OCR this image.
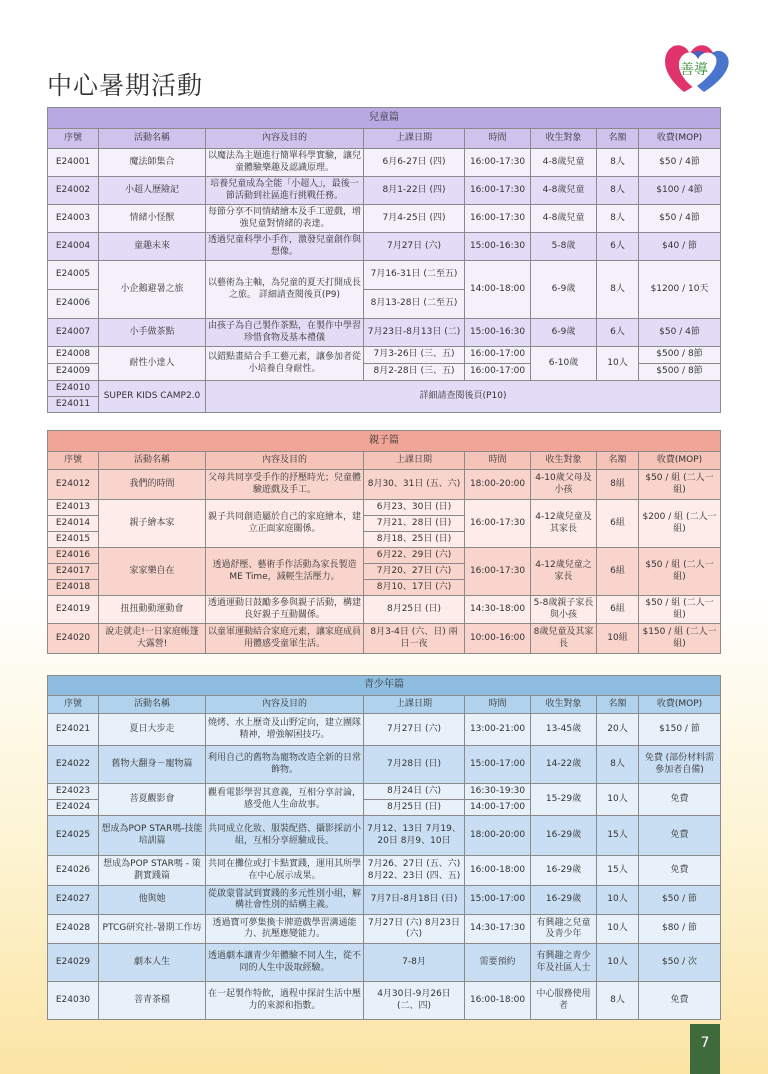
中心暑期活動
善導
兒童篇							
序號	活動名稱	內容及目的	上課日期	時間	收生對象	名額	收費(MOP)
E24001	魔法師集合	以魔法為主題進行簡單科學實驗，讓兒童體驗樂趣及認識原理。	6月6-27日 (四)	16:00-17:30	4-8歲兒童	8人	$50 / 4節
E24002	小超人歷險記	培養兒童成為全能「小超人」，最後一節活動到社區進行挑戰任務。	8月1-22日 (四)	16:00-17:30	4-8歲兒童	8人	$100 / 4節
E24003	情緒小怪獸	每節分享不同情緒繪本及手工遊戲，增強兒童對情緒的表達。	7月4-25日 (四)	16:00-17:30	4-8歲兒童	8人	$50 / 4節
E24004	童趣未來	透過兒童科學小手作，激發兒童創作與想像。	7月27日 (六)	15:00-16:30	5-8歲	6人	$40 / 節
E24005	小企鵝避暑之旅	以藝術為主軸，為兒童的夏天打開成長之旅。 詳細請查閱後頁(P9)	7月16-31日 (二至五)	14:00-18:00	6-9歲	8人	$1200 / 10天
E24006			8月13-28日 (二至五)				
E24007	小手做茶點	由孩子為自己製作茶點，在製作中學習珍惜食物及基本禮儀	7月23日-8月13日 (二)	15:00-16:30	6-9歲	6人	$50 / 4節
E24008	耐性小達人	以錯點畫結合手工藝元素，讓參加者從小培養自身耐性。	7月3-26日 (三、五)	16:00-17:00	6-10歲	10人	$500 / 8節
E24009			8月2-28日 (三、五)	16:00-17:00			$500 / 8節
E24010	SUPER KIDS CAMP2.0	詳細請查閱後頁(P10)					
E24011							
親子篇							
序號	活動名稱	內容及目的	上課日期	時間	收生對象	名額	收費(MOP)
E24012	我們的時間	父母共同享受手作的抒壓時光；兒童體驗遊戲及手工。	8月30、31日 (五、六)	18:00-20:00	4-10歲父母及小孩	8組	$50 / 組 (二人一組)
E24013	親子繪本家	親子共同創造屬於自己的家庭繪本，建立正面家庭關係。	6月23、30日 (日)	16:00-17:30	4-12歲兒童及其家長	6組	$200 / 組 (二人一組)
E24014			7月21、28日 (日)				
E24015			8月18、25日 (日)				
E24016	家家樂自在	透過舒壓、藝術手作活動為家長製造ME Time，減輕生活壓力。	6月22、29日 (六)	16:00-17:30	4-12歲兒童之家長	6組	$50 / 組 (二人一組)
E24017			7月20、27日 (六)				
E24018			8月10、17日 (六)				
E24019	扭扭動動運動會	透過運動日鼓勵多參與親子活動，構建良好親子互動關係。	8月25日 (日)	14:30-18:00	5-8歲親子家長與小孩	6組	$50 / 組 (二人一組)
E24020	說走就走!一日家庭帳篷大露營!	以童軍運動結合家庭元素，讓家庭成員用體感受童軍生活。	8月3-4日 (六、日) 兩日一夜	10:00-16:00	8歲兒童及其家長	10組	$150 / 組 (二人一組)
青少年篇							
序號	活動名稱	內容及目的	上課日期	時間	收生對象	名額	收費(MOP)
E24021	夏日大步走	燒烤、水上歷奇及山野定向，建立團隊精神，增強解困技巧。	7月27日 (六)	13:00-21:00	13-45歲	20人	$150 / 節
E24022	舊物大翻身－寵物篇	利用自己的舊物為寵物改造全新的日常飾物。	7月28日 (日)	15:00-17:00	14-22歲	8人	免費 (部份材料需參加者自備)
E24023	菩夏觀影會	觀看電影學習其意義，互相分享討論，感受他人生命故事。	8月24日 (六)	16:30-19:30	15-29歲	10人	免費
E24024			8月25日 (日)	14:00-17:00			
E24025	想成為POP STAR嗎-技能培訓篇	共同成立化妝、服裝配搭、攝影採訪小組，互相分享經驗成長。	7月12、13日 7月19、20日 8月9、10日	18:00-20:00	16-29歲	15人	免費
E24026	想成為POP STAR嗎 - 策劃實踐篇	共同在攤位或打卡點實踐，運用其所學在中心展示成果。	7月26、27日 (五、六) 8月22、23日 (四、五)	16:00-18:00	16-29歲	15人	免費
E24027	他與她	從啟蒙嘗試到實踐的多元性別小組，解構社會性別的結構主義。	7月7日-8月18日 (日)	15:00-17:00	16-29歲	10人	$50 / 節
E24028	PTCG研究社-暑期工作坊	透過寶可夢集換卡牌遊戲學習溝通能力、抗壓應變能力。	7月27日 (六) 8月23日 (六)	14:30-17:30	有興趣之兒童及青少年	10人	$80 / 節
E24029	劇本人生	透過劇本讓青少年體驗不同人生，從不同的人生中汲取經驗。	7-8月	需要預約	有興趣之青少年及社區人士	10人	$50 / 次
E24030	菩青茶檔	在一起製作特飲，過程中探討生活中壓力的來源和指數。	4月30日-9月26日 (二、四)	16:00-18:00	中心服務使用者	8人	免費
7
